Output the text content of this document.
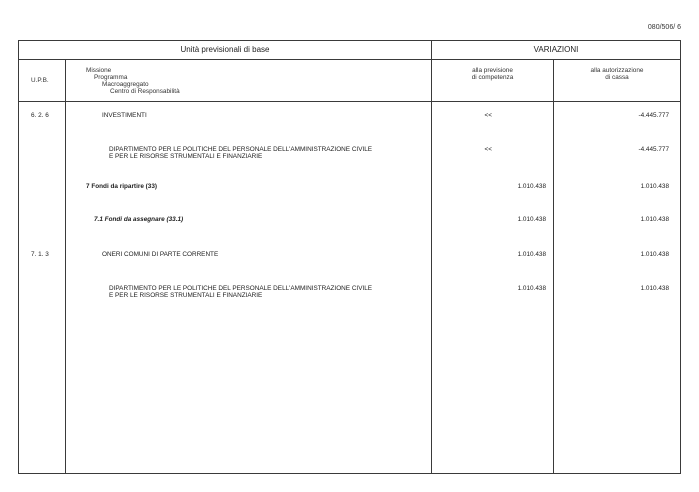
080/506/ 6
Unità previsionali di base	VARIAZIONI
U.P.B.
Missione
Programma
Macroaggregato
Centro di Responsabilità
alla previsione
di competenza
alla autorizzazione
di cassa
6. 2. 6	INVESTIMENTI	<<	-4.445.777
DIPARTIMENTO PER LE POLITICHE DEL PERSONALE DELL'AMMINISTRAZIONE CIVILE
E PER LE RISORSE STRUMENTALI E FINANZIARIE
<<	-4.445.777
7 Fondi da ripartire (33)	1.010.438	1.010.438
7.1 Fondi da assegnare (33.1)	1.010.438	1.010.438
7. 1. 3	ONERI COMUNI DI PARTE CORRENTE	1.010.438	1.010.438
DIPARTIMENTO PER LE POLITICHE DEL PERSONALE DELL'AMMINISTRAZIONE CIVILE
E PER LE RISORSE STRUMENTALI E FINANZIARIE
1.010.438	1.010.438
